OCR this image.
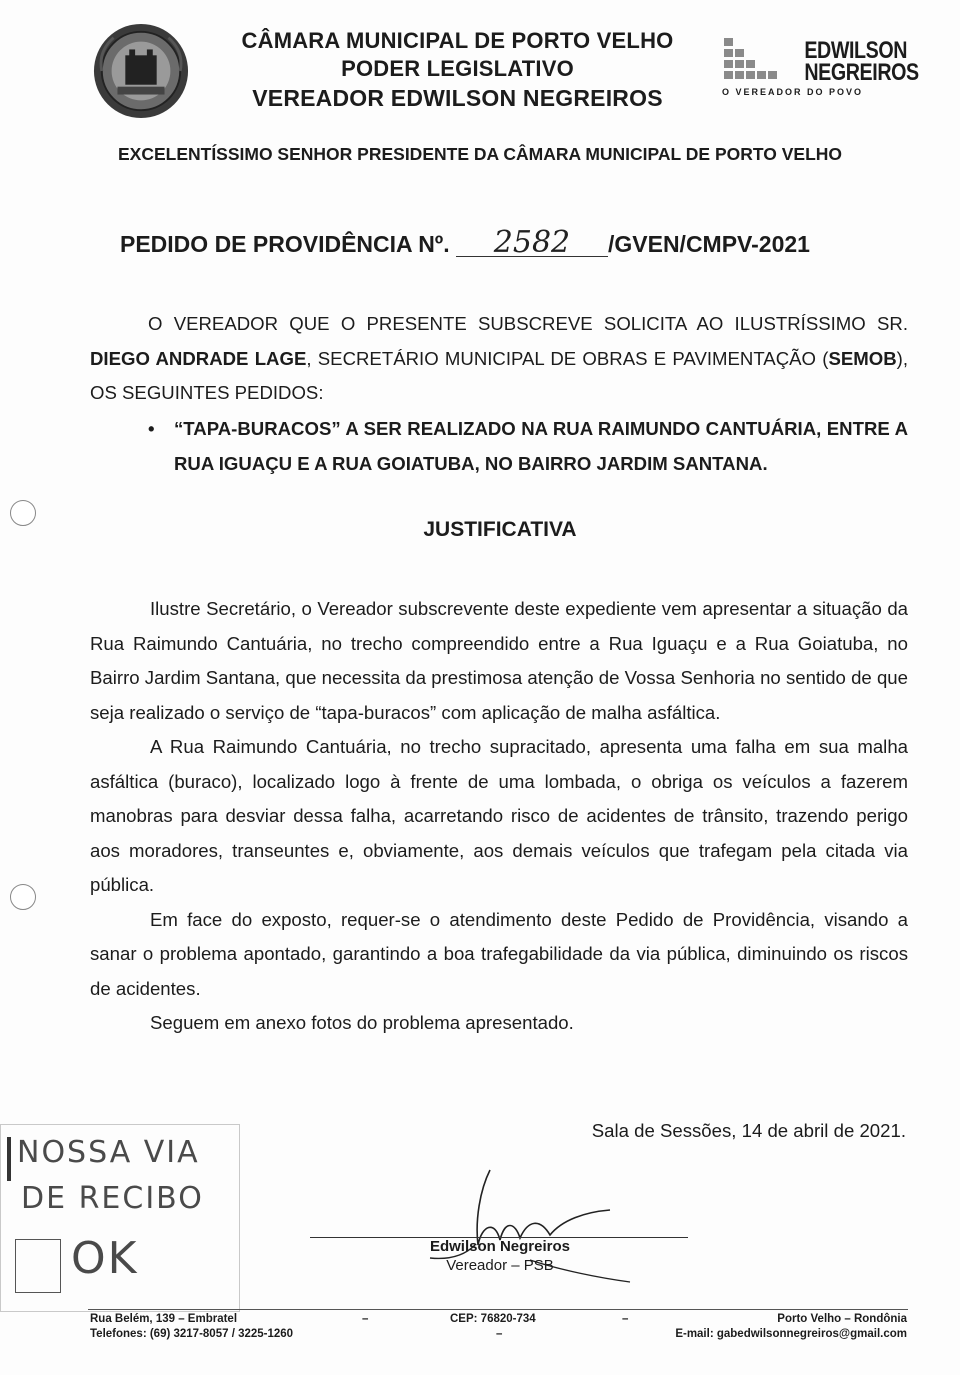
CÂMARA MUNICIPAL DE PORTO VELHO
PODER LEGISLATIVO
VEREADOR EDWILSON NEGREIROS
EDWILSON
NEGREIROS
O VEREADOR DO POVO
EXCELENTÍSSIMO SENHOR PRESIDENTE DA CÂMARA MUNICIPAL DE PORTO VELHO
PEDIDO DE PROVIDÊNCIA Nº. 2582 /GVEN/CMPV-2021
O VEREADOR QUE O PRESENTE SUBSCREVE SOLICITA AO ILUSTRÍSSIMO SR. DIEGO ANDRADE LAGE, SECRETÁRIO MUNICIPAL DE OBRAS E PAVIMENTAÇÃO (SEMOB), OS SEGUINTES PEDIDOS:
• “TAPA-BURACOS” A SER REALIZADO NA RUA RAIMUNDO CANTUÁRIA, ENTRE A RUA IGUAÇU E A RUA GOIATUBA, NO BAIRRO JARDIM SANTANA.
JUSTIFICATIVA

Ilustre Secretário, o Vereador subscrevente deste expediente vem apresentar a situação da Rua Raimundo Cantuária, no trecho compreendido entre a Rua Iguaçu e a Rua Goiatuba, no Bairro Jardim Santana, que necessita da prestimosa atenção de Vossa Senhoria no sentido de que seja realizado o serviço de “tapa-buracos” com aplicação de malha asfáltica.

A Rua Raimundo Cantuária, no trecho supracitado, apresenta uma falha em sua malha asfáltica (buraco), localizado logo à frente de uma lombada, o obriga os veículos a fazerem manobras para desviar dessa falha, acarretando risco de acidentes de trânsito, trazendo perigo aos moradores, transeuntes e, obviamente, aos demais veículos que trafegam pela citada via pública.

Em face do exposto, requer-se o atendimento deste Pedido de Providência, visando a sanar o problema apontado, garantindo a boa trafegabilidade da via pública, diminuindo os riscos de acidentes.

Seguem em anexo fotos do problema apresentado.

Sala de Sessões, 14 de abril de 2021.
Edwilson Negreiros
Vereador – PSB
NOSSA VIA
DE RECIBO
OK
Rua Belém, 139 – Embratel
Telefones: (69) 3217-8057 / 3225-1260
–	CEP: 76820-734
–
–	Porto Velho – Rondônia
E-mail: gabedwilsonnegreiros@gmail.com
